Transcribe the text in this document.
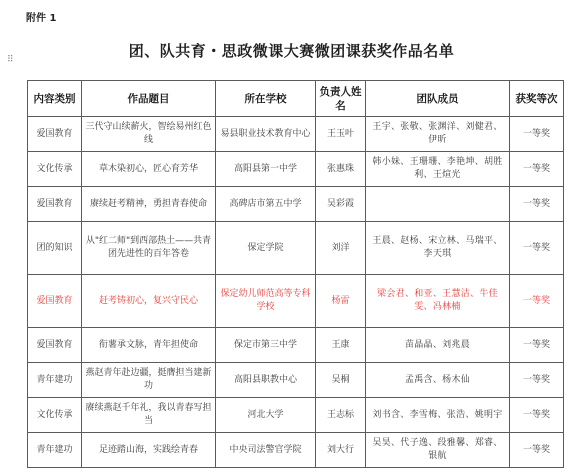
附件 1
⠿	团、队共育・思政微课大赛微团课获奖作品名单
内容类别	作品题目	所在学校	负责人姓名	团队成员	获奖等次
爱国教育	三代守山续薪火，智绘易州红色线	易县职业技术教育中心	王玉叶	王宇、张敬、张渊洋、刘健君、伊昕	一等奖
文化传承	草木染初心，匠心育芳华	高阳县第一中学	张惠珠	韩小妹、王珊珊、李艳坤、胡胜利、王煊光	一等奖
爱国教育	赓续赶考精神，勇担青春使命	高碑店市第五中学	吴彩霞		一等奖
团的知识	从"红二师"到西部热土——共青团先进性的百年答卷	保定学院	刘洋	王晨、赵杨、宋立林、马瑞平、李天琪	一等奖
爱国教育	赶考铸初心，复兴守民心	保定幼儿师范高等专科学校	杨雷	梁会君、和亚、王慧洁、牛佳雯、冯林楠	一等奖
爱国教育	衔薯承文脉，青年担使命	保定市第三中学	王康	苗晶晶、刘兆晨	一等奖
青年建功	燕赵青年赴边疆，挺膺担当建新功	高阳县职教中心	吴桐	孟禹含、杨木仙	一等奖
文化传承	赓续燕赵千年礼，我以青春写担当	河北大学	王志标	刘书含、李雪梅、张浩、姚明宇	一等奖
青年建功	足迹踏山海，实践绘青春	中央司法警官学院	刘大行	吴昊、代子逸、段雅馨、郑睿、银航	一等奖
